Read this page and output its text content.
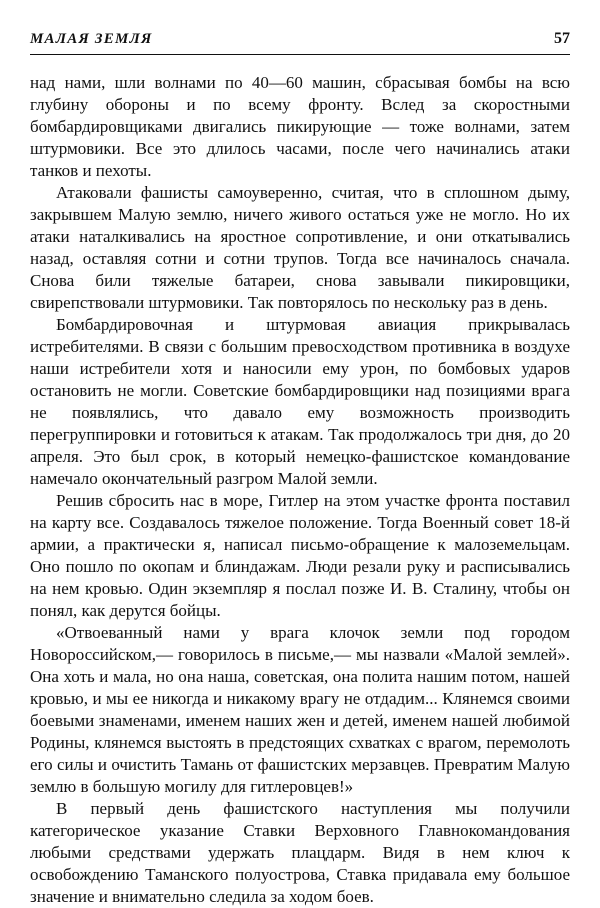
МАЛАЯ ЗЕМЛЯ	57

над нами, шли волнами по 40—60 машин, сбрасывая бомбы на всю глубину обороны и по всему фронту. Вслед за скоростными бомбардировщиками двигались пикирующие — тоже волнами, затем штурмовики. Все это длилось часами, после чего начинались атаки танков и пехоты.

Атаковали фашисты самоуверенно, считая, что в сплошном дыму, закрывшем Малую землю, ничего живого остаться уже не могло. Но их атаки наталкивались на яростное сопротивление, и они откатывались назад, оставляя сотни и сотни трупов. Тогда все начиналось сначала. Снова били тяжелые батареи, снова завывали пикировщики, свирепствовали штурмовики. Так повторялось по нескольку раз в день.

Бомбардировочная и штурмовая авиация прикрывалась истребителями. В связи с большим превосходством противника в воздухе наши истребители хотя и наносили ему урон, по бомбовых ударов остановить не могли. Советские бомбардировщики над позициями врага не появлялись, что давало ему возможность производить перегруппировки и готовиться к атакам. Так продолжалось три дня, до 20 апреля. Это был срок, в который немецко-фашистское командование намечало окончательный разгром Малой земли.

Решив сбросить нас в море, Гитлер на этом участке фронта поставил на карту все. Создавалось тяжелое положение. Тогда Военный совет 18-й армии, а практически я, написал письмо-обращение к малоземельцам. Оно пошло по окопам и блиндажам. Люди резали руку и расписывались на нем кровью. Один экземпляр я послал позже И. В. Сталину, чтобы он понял, как дерутся бойцы.

«Отвоеванный нами у врага клочок земли под городом Новороссийском,— говорилось в письме,— мы назвали «Малой землей». Она хоть и мала, но она наша, советская, она полита нашим потом, нашей кровью, и мы ее никогда и никакому врагу не отдадим... Клянемся своими боевыми знаменами, именем наших жен и детей, именем нашей любимой Родины, клянемся выстоять в предстоящих схватках с врагом, перемолоть его силы и очистить Тамань от фашистских мерзавцев. Превратим Малую землю в большую могилу для гитлеровцев!»

В первый день фашистского наступления мы получили категорическое указание Ставки Верховного Главнокомандования любыми средствами удержать плацдарм. Видя в нем ключ к освобождению Таманского полуострова, Ставка придавала ему большое значение и внимательно следила за ходом боев.
